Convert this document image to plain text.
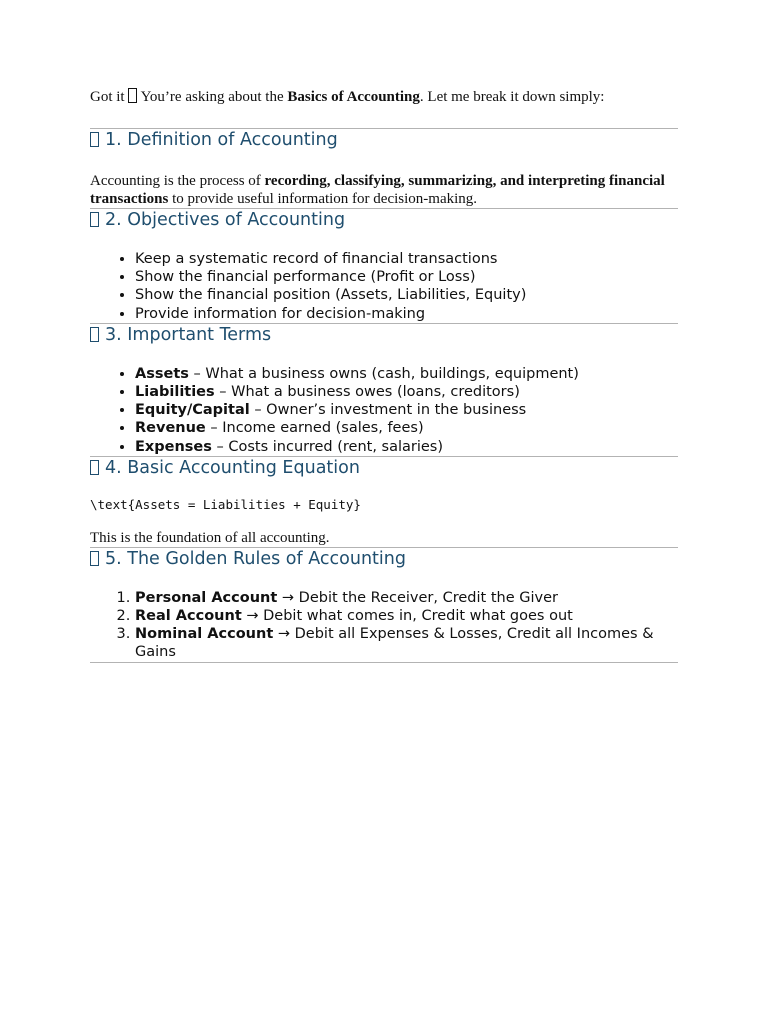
Got it You’re asking about the Basics of Accounting. Let me break it down simply:

1. Definition of Accounting

Accounting is the process of recording, classifying, summarizing, and interpreting financial transactions to provide useful information for decision-making.

2. Objectives of Accounting
• Keep a systematic record of financial transactions
• Show the financial performance (Profit or Loss)
• Show the financial position (Assets, Liabilities, Equity)
• Provide information for decision-making
3. Important Terms
• Assets – What a business owns (cash, buildings, equipment)
• Liabilities – What a business owes (loans, creditors)
• Equity/Capital – Owner’s investment in the business
• Revenue – Income earned (sales, fees)
• Expenses – Costs incurred (rent, salaries)
4. Basic Accounting Equation

\text{Assets = Liabilities + Equity}

This is the foundation of all accounting.

5. The Golden Rules of Accounting
1. Personal Account → Debit the Receiver, Credit the Giver
2. Real Account → Debit what comes in, Credit what goes out
3. Nominal Account → Debit all Expenses & Losses, Credit all Incomes & Gains
